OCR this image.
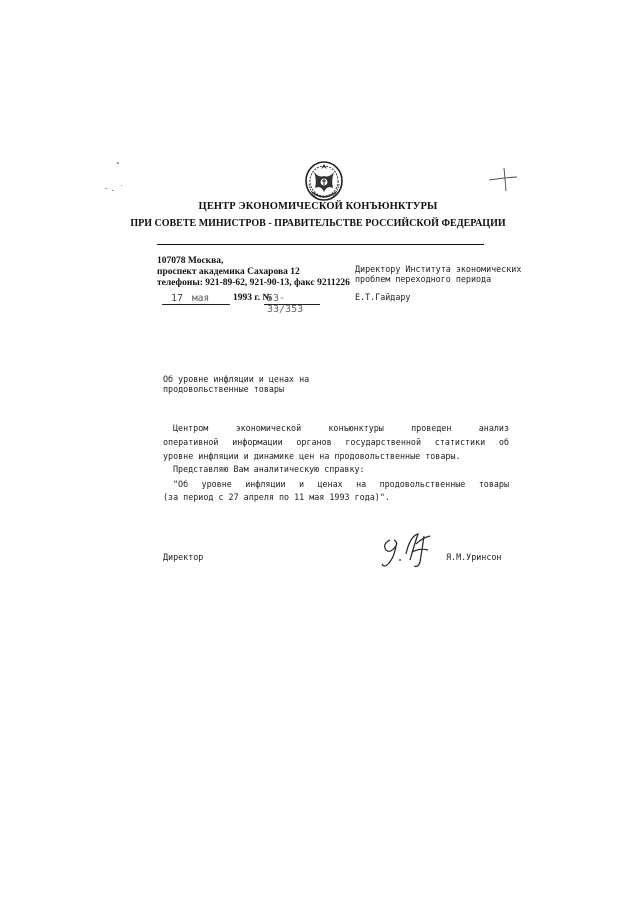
ЦЕНТР ЭКОНОМИЧЕСКОЙ КОНЪЮНКТУРЫ
ПРИ СОВЕТЕ МИНИСТРОВ - ПРАВИТЕЛЬСТВЕ РОССИЙСКОЙ ФЕДЕРАЦИИ
107078 Москва,
проспект академика Сахарова 12
телефоны: 921-89-62, 921-90-13, факс 9211226
17 мая	1993 г. №
53-33/353
Директору Института экономических
проблем переходного периода
Е.Т.Гайдару
Об уровне инфляции и ценах на
продовольственные товары
Центром экономической конъюнктуры проведен анализ
оперативной информации органов государственной статистики об
уровне инфляции и динамике цен на продовольственные товары.
Представляю Вам аналитическую справку:
"Об уровне инфляции и ценах на продовольственные товары
(за период с 27 апреля по 11 мая 1993 года)".
Директор	Я.М.Уринсон
